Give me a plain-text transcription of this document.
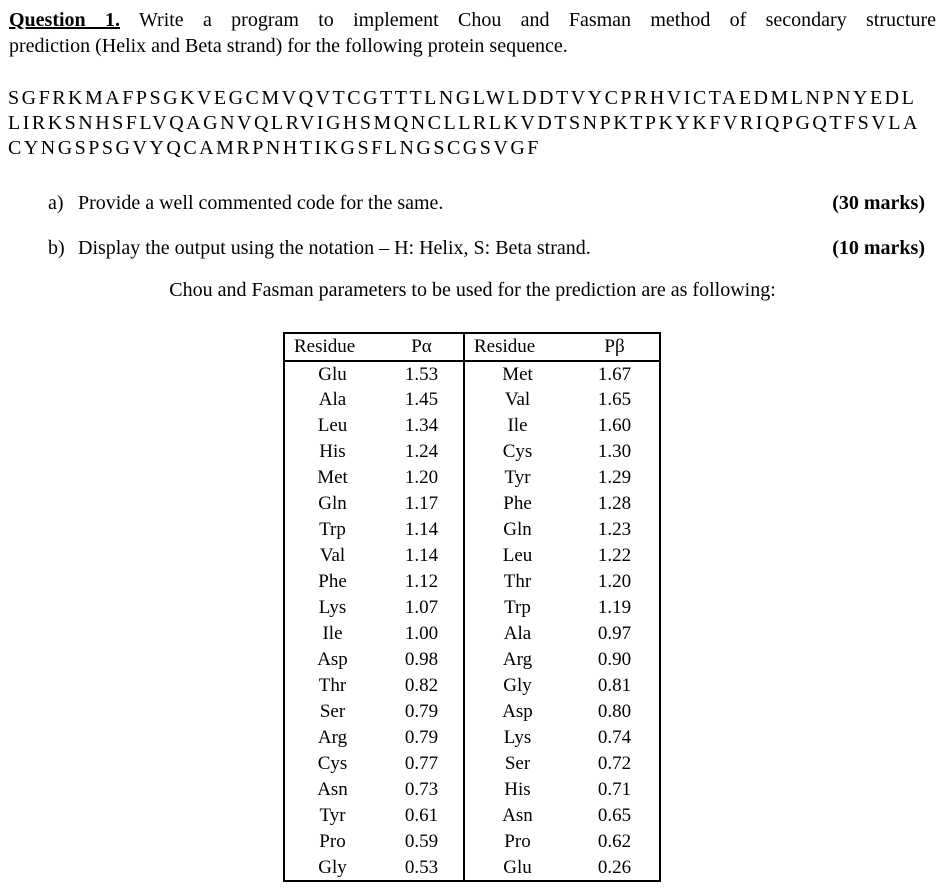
Question 1. Write a program to implement Chou and Fasman method of secondary structure
prediction (Helix and Beta strand) for the following protein sequence.
SGFRKMAFPSGKVEGCMVQVTCGTTTLNGLWLDDTVYCPRHVICTAEDMLNPNYEDL
LIRKSNHSFLVQAGNVQLRVIGHSMQNCLLRLKVDTSNPKTPKYKFVRIQPGQTFSVLA
CYNGSPSGVYQCAMRPNHTIKGSFLNGSCGSVGF
a) Provide a well commented code for the same.	(30 marks)
b) Display the output using the notation – H: Helix, S: Beta strand.	(10 marks)
Chou and Fasman parameters to be used for the prediction are as following:
Residue	Pα	Residue	Pβ
Glu	1.53	Met	1.67
Ala	1.45	Val	1.65
Leu	1.34	Ile	1.60
His	1.24	Cys	1.30
Met	1.20	Tyr	1.29
Gln	1.17	Phe	1.28
Trp	1.14	Gln	1.23
Val	1.14	Leu	1.22
Phe	1.12	Thr	1.20
Lys	1.07	Trp	1.19
Ile	1.00	Ala	0.97
Asp	0.98	Arg	0.90
Thr	0.82	Gly	0.81
Ser	0.79	Asp	0.80
Arg	0.79	Lys	0.74
Cys	0.77	Ser	0.72
Asn	0.73	His	0.71
Tyr	0.61	Asn	0.65
Pro	0.59	Pro	0.62
Gly	0.53	Glu	0.26
